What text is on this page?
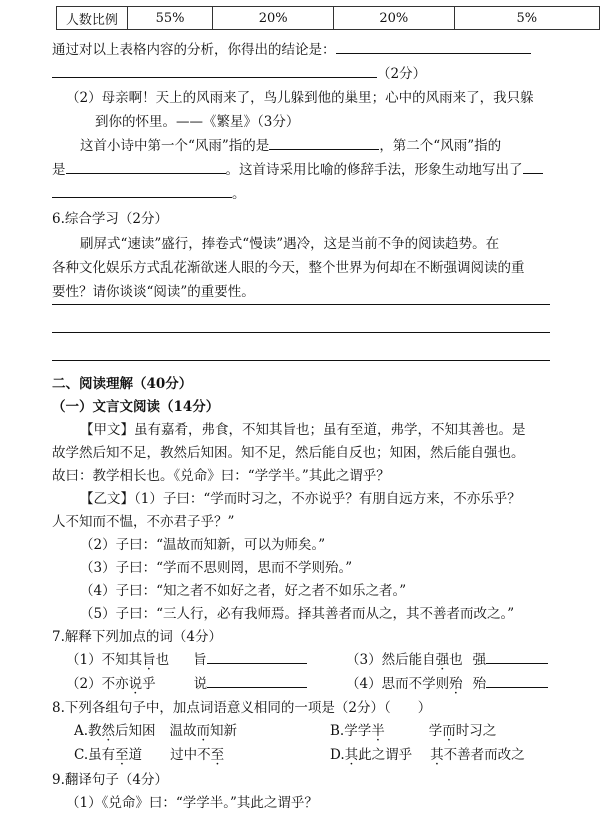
人数比例	55%	20%	20%	5%
通过对以上表格内容的分析，你得出的结论是：
（2分）
（2）母亲啊！天上的风雨来了，鸟儿躲到他的巢里；心中的风雨来了，我只躲
到你的怀里。——《繁星》（3分）
这首小诗中第一个“风雨”指的是	，第二个“风雨”指的
是	。这首诗采用比喻的修辞手法，形象生动地写出了
。
6.综合学习（2分）
刷屏式“速读”盛行，捧卷式“慢读”遇冷，这是当前不争的阅读趋势。在
各种文化娱乐方式乱花渐欲迷人眼的今天，整个世界为何却在不断强调阅读的重
要性？请你谈谈“阅读”的重要性。
二、阅读理解（40分）
（一）文言文阅读（14分）
【甲文】虽有嘉肴，弗食，不知其旨也；虽有至道，弗学，不知其善也。是
故学然后知不足，教然后知困。知不足，然后能自反也；知困，然后能自强也。
故曰：教学相长也。《兑命》曰：“学学半。”其此之谓乎？
【乙文】（1）子曰：“学而时习之，不亦说乎？有朋自远方来，不亦乐乎？
人不知而不愠，不亦君子乎？”
（2）子曰：“温故而知新，可以为师矣。”
（3）子曰：“学而不思则罔，思而不学则殆。”
（4）子曰：“知之者不如好之者，好之者不如乐之者。”
（5）子曰：“三人行，必有我师焉。择其善者而从之，其不善者而改之。”
7.解释下列加点的词（4分）
（1）不知其旨也 旨	（3）然后能自强也 强
（2）不亦说乎	说	（4）思而不学则殆 殆
8.下列各组句子中，加点词语意义相同的一项是（2分）（　　）
A.教然后知困 温故而知新	B.学学半	学而时习之
C.虽有至道 过中不至	D.其此之谓乎 其不善者而改之
9.翻译句子（4分）
（1）《兑命》曰：“学学半。”其此之谓乎？
